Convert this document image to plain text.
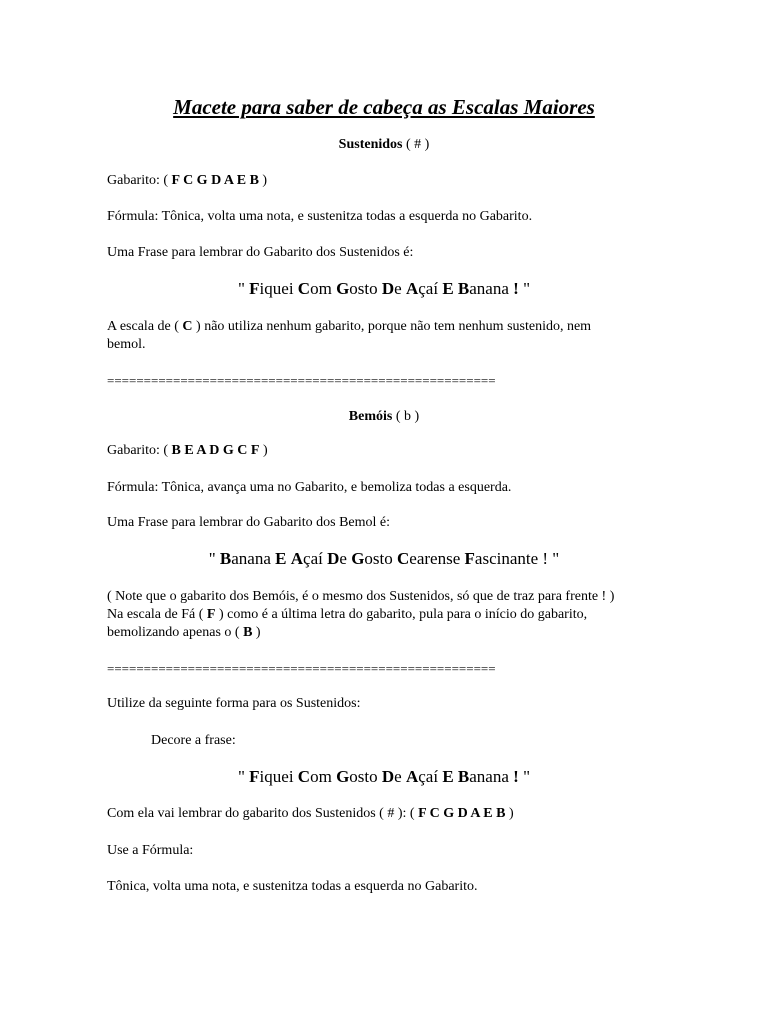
Macete para saber de cabeça as Escalas Maiores
Sustenidos ( # )
Gabarito: ( F C G D A E B )
Fórmula: Tônica, volta uma nota, e sustenitza todas a esquerda no Gabarito.
Uma Frase para lembrar do Gabarito dos Sustenidos é:
" Fiquei Com Gosto De Açaí E Banana ! "
A escala de ( C ) não utiliza nenhum gabarito, porque não tem nenhum sustenido, nem
bemol.
=====================================================
Bemóis ( b )
Gabarito: ( B E A D G C F )
Fórmula: Tônica, avança uma no Gabarito, e bemoliza todas a esquerda.
Uma Frase para lembrar do Gabarito dos Bemol é:
" Banana E Açaí De Gosto Cearense Fascinante ! "
( Note que o gabarito dos Bemóis, é o mesmo dos Sustenidos, só que de traz para frente ! )
Na escala de Fá ( F ) como é a última letra do gabarito, pula para o início do gabarito,
bemolizando apenas o ( B )
=====================================================
Utilize da seguinte forma para os Sustenidos:
Decore a frase:
" Fiquei Com Gosto De Açaí E Banana ! "
Com ela vai lembrar do gabarito dos Sustenidos ( # ): ( F C G D A E B )
Use a Fórmula:
Tônica, volta uma nota, e sustenitza todas a esquerda no Gabarito.
